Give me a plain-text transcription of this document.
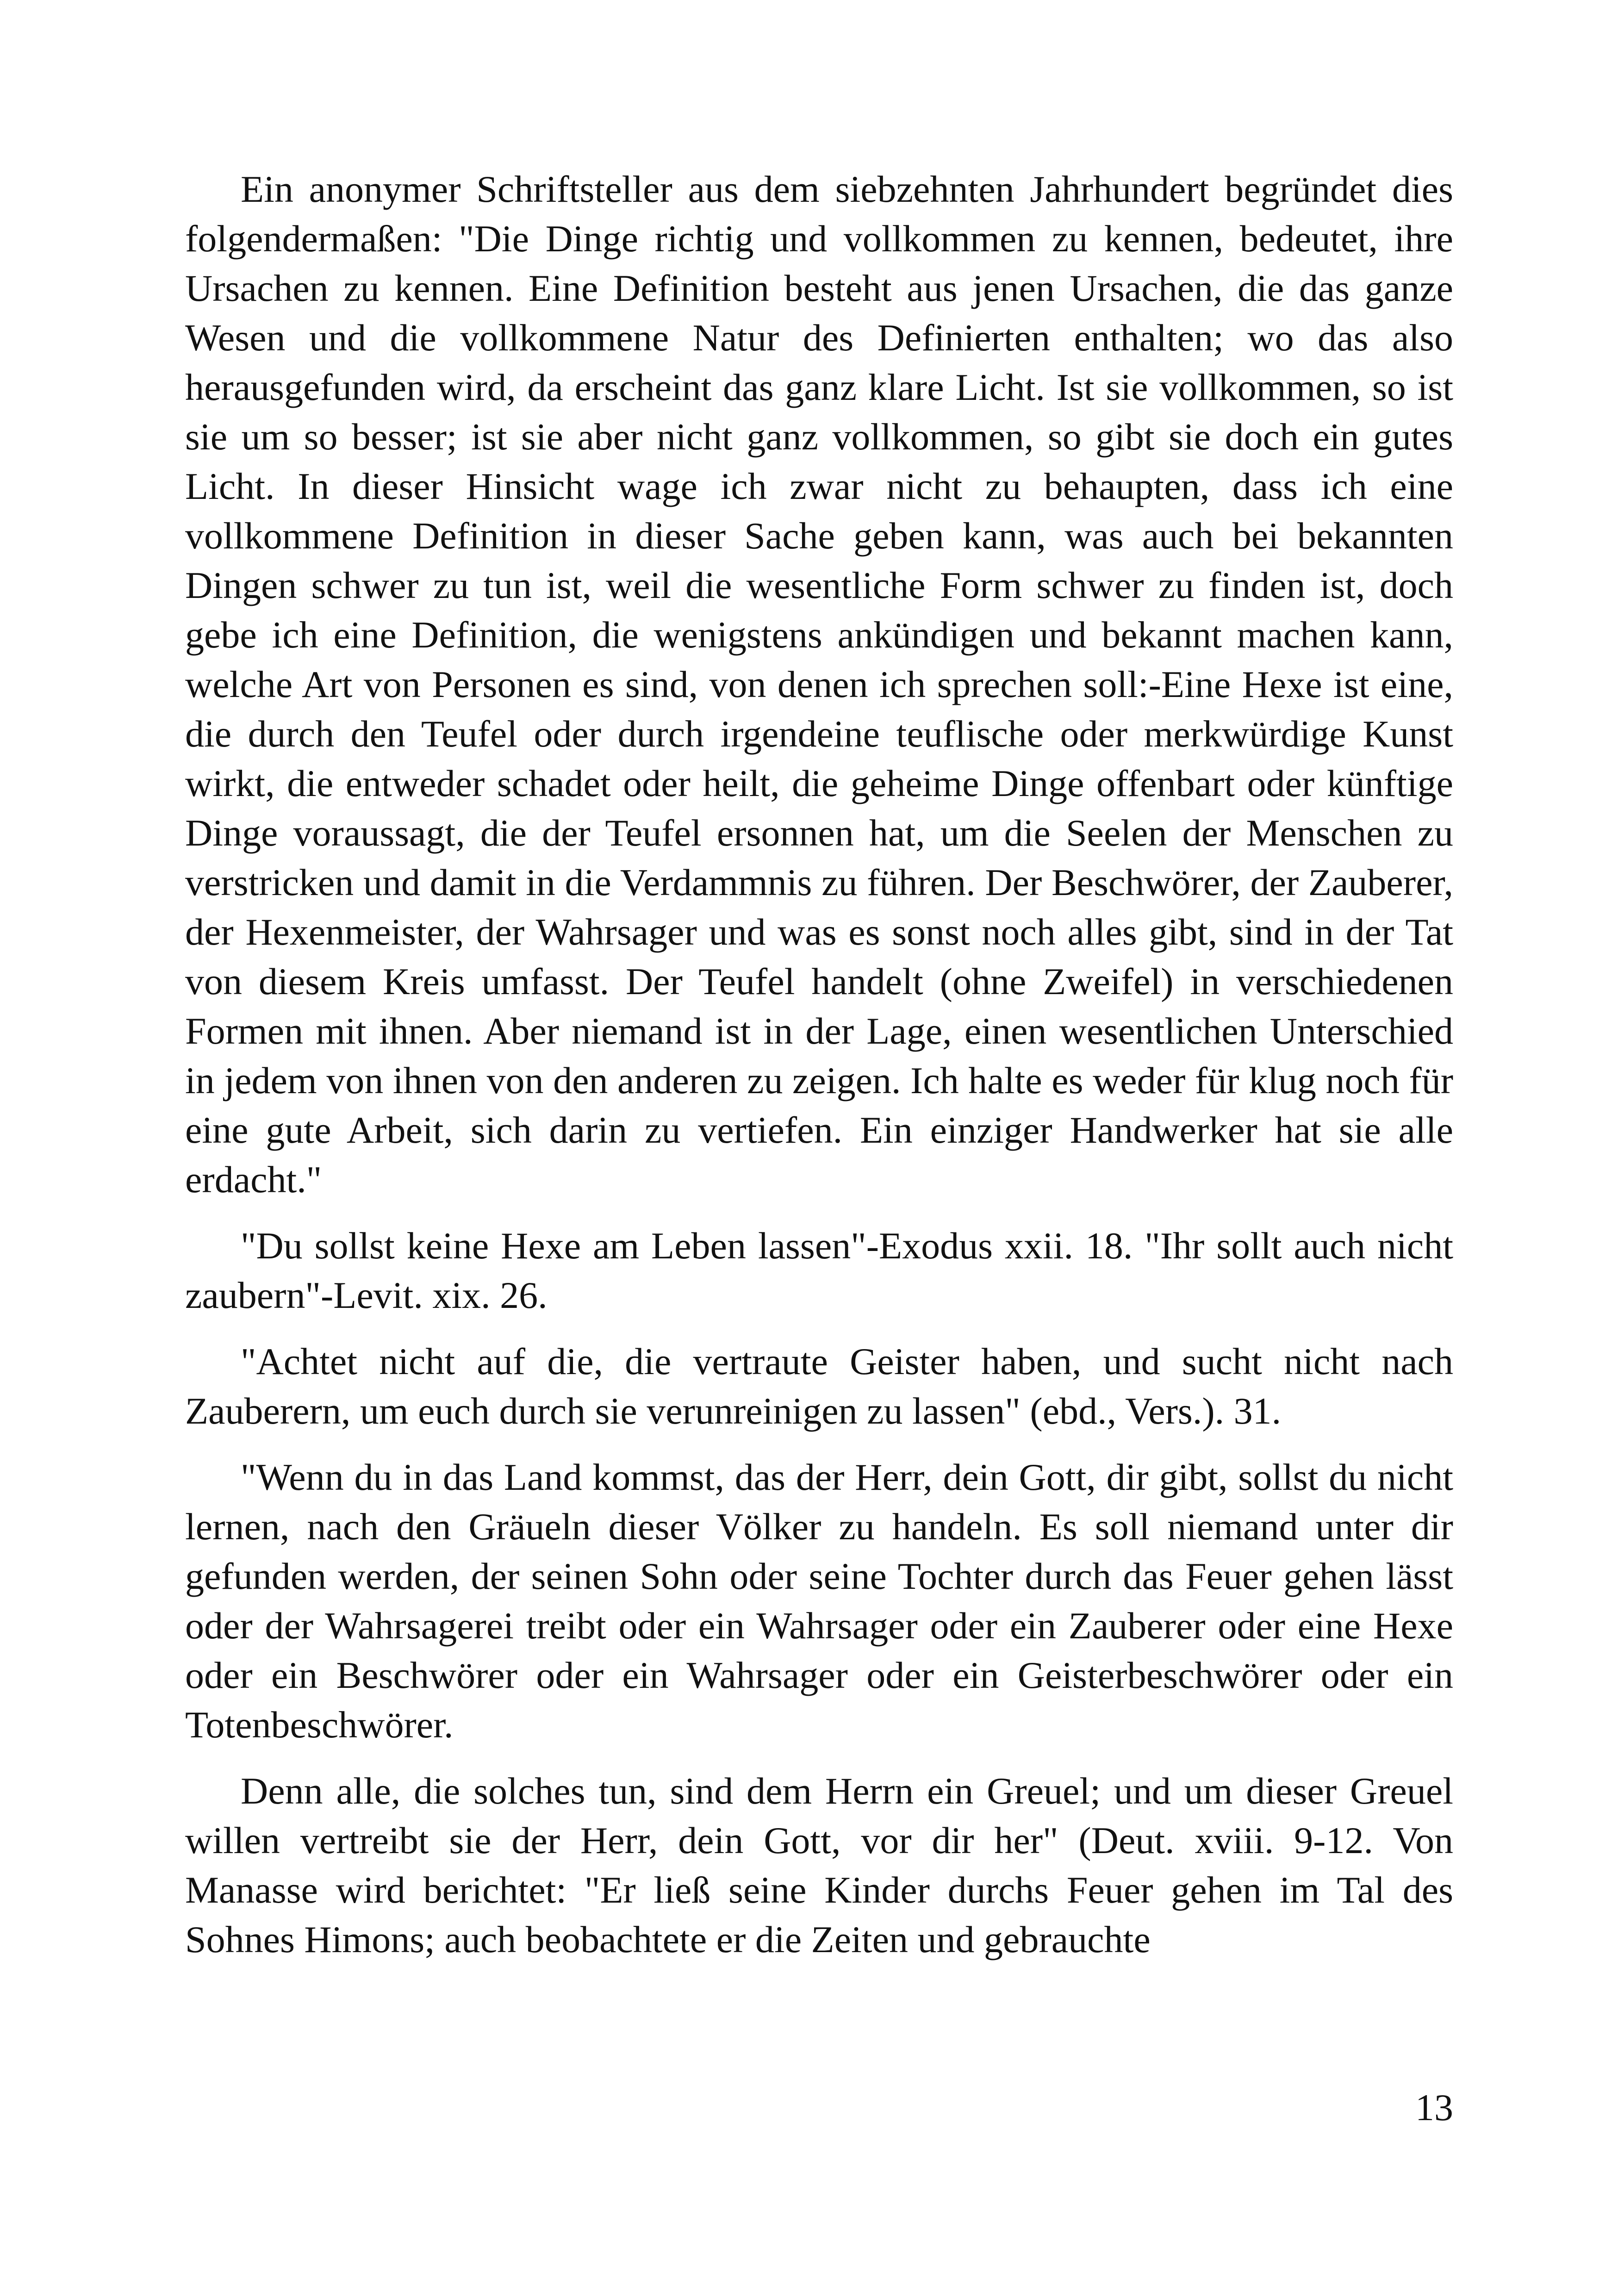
Ein anonymer Schriftsteller aus dem siebzehnten Jahrhundert begründet dies folgendermaßen: "Die Dinge richtig und vollkommen zu kennen, bedeutet, ihre Ursachen zu kennen. Eine Definition besteht aus jenen Ursachen, die das ganze Wesen und die vollkommene Natur des Definierten enthalten; wo das also herausgefunden wird, da erscheint das ganz klare Licht. Ist sie vollkommen, so ist sie um so besser; ist sie aber nicht ganz vollkommen, so gibt sie doch ein gutes Licht. In dieser Hinsicht wage ich zwar nicht zu behaupten, dass ich eine vollkommene Definition in dieser Sache geben kann, was auch bei bekannten Dingen schwer zu tun ist, weil die wesentliche Form schwer zu finden ist, doch gebe ich eine Definition, die wenigstens ankündigen und bekannt machen kann, welche Art von Personen es sind, von denen ich sprechen soll:-Eine Hexe ist eine, die durch den Teufel oder durch irgendeine teuflische oder merkwürdige Kunst wirkt, die entweder schadet oder heilt, die geheime Dinge offenbart oder künftige Dinge voraussagt, die der Teufel ersonnen hat, um die Seelen der Menschen zu verstricken und damit in die Verdammnis zu führen. Der Beschwörer, der Zauberer, der Hexenmeister, der Wahrsager und was es sonst noch alles gibt, sind in der Tat von diesem Kreis umfasst. Der Teufel handelt (ohne Zweifel) in verschiedenen Formen mit ihnen. Aber niemand ist in der Lage, einen wesentlichen Unterschied in jedem von ihnen von den anderen zu zeigen. Ich halte es weder für klug noch für eine gute Arbeit, sich darin zu vertiefen. Ein einziger Handwerker hat sie alle erdacht."

"Du sollst keine Hexe am Leben lassen"-Exodus xxii. 18. "Ihr sollt auch nicht zaubern"-Levit. xix. 26.

"Achtet nicht auf die, die vertraute Geister haben, und sucht nicht nach Zauberern, um euch durch sie verunreinigen zu lassen" (ebd., Vers.). 31.

"Wenn du in das Land kommst, das der Herr, dein Gott, dir gibt, sollst du nicht lernen, nach den Gräueln dieser Völker zu handeln. Es soll niemand unter dir gefunden werden, der seinen Sohn oder seine Tochter durch das Feuer gehen lässt oder der Wahrsagerei treibt oder ein Wahrsager oder ein Zauberer oder eine Hexe oder ein Beschwörer oder ein Wahrsager oder ein Geisterbeschwörer oder ein Totenbeschwörer.

Denn alle, die solches tun, sind dem Herrn ein Greuel; und um dieser Greuel willen vertreibt sie der Herr, dein Gott, vor dir her" (Deut. xviii. 9-12. Von Manasse wird berichtet: "Er ließ seine Kinder durchs Feuer gehen im Tal des Sohnes Himons; auch beobachtete er die Zeiten und gebrauchte

13
